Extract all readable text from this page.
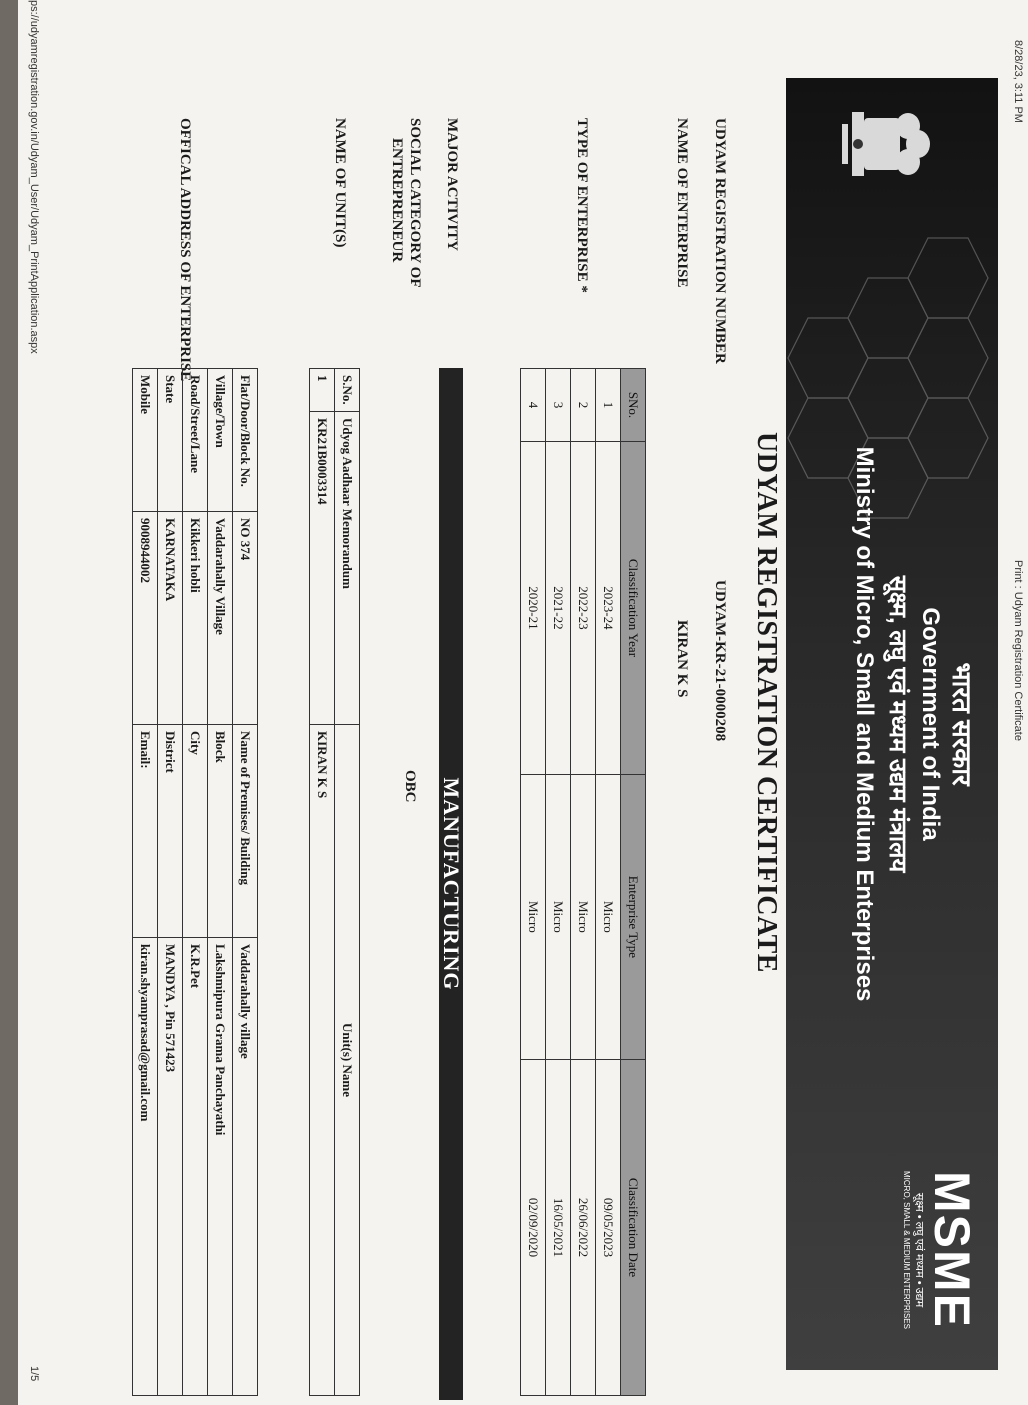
8/28/23, 3:11 PM
Print : Udyam Registration Certificate
भारत सरकार
Government of India
सूक्ष्म, लघु एवं मध्यम उद्यम मंत्रालय
Ministry of Micro, Small and Medium Enterprises
MSME
सूक्ष्म • लघु एवं मध्यम • उद्यम
MICRO, SMALL & MEDIUM ENTERPRISES
UDYAM REGISTRATION CERTIFICATE
UDYAM REGISTRATION NUMBER
UDYAM-KR-21-0000208
NAME OF ENTERPRISE
KIRAN K S
TYPE OF ENTERPRISE *
SNo.	Classification Year	Enterprise Type	Classification Date
1	2023-24	Micro	09/05/2023
2	2022-23	Micro	26/06/2022
3	2021-22	Micro	16/05/2021
4	2020-21	Micro	02/09/2020
MAJOR ACTIVITY
MANUFACTURING
SOCIAL CATEGORY OF
ENTREPRENEUR
OBC
NAME OF UNIT(S)
S.No.	Udyog Aadhaar Memorandum	Unit(s) Name
1	KR21B0003314	KIRAN K S
OFFICAL ADDRESS OF ENTERPRISE
Flat/Door/Block No.	NO 374	Name of Premises/ Building	Vaddarahally village
Village/Town	Vaddarahally Village	Block	Lakshmipura Grama Panchayathi
Road/Street/Lane	Kikkeri hobli	City	K.R.Pet
State	KARNATAKA	District	MANDYA , Pin 571423
Mobile	9008944002	Email:	kiran.shyamprasad@gmail.com
ps://udyamregistration.gov.in/Udyam_User/Udyam_PrintApplication.aspx
1/5
